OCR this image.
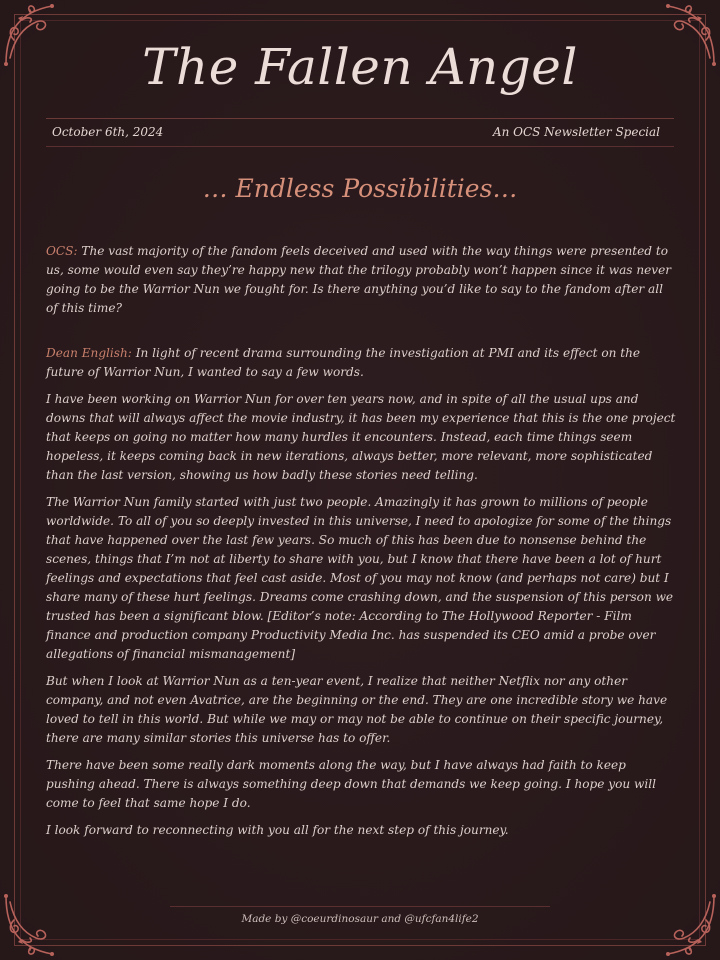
The Fallen Angel
October 6th, 2024	An OCS Newsletter Special
… Endless Possibilities…

OCS: The vast majority of the fandom feels deceived and used with the way things were presented to us, some would even say they’re happy new that the trilogy probably won’t happen since it was never going to be the Warrior Nun we fought for. Is there anything you’d like to say to the fandom after all of this time?

Dean English: In light of recent drama surrounding the investigation at PMI and its effect on the future of Warrior Nun, I wanted to say a few words.

I have been working on Warrior Nun for over ten years now, and in spite of all the usual ups and downs that will always affect the movie industry, it has been my experience that this is the one project that keeps on going no matter how many hurdles it encounters. Instead, each time things seem hopeless, it keeps coming back in new iterations, always better, more relevant, more sophisticated than the last version, showing us how badly these stories need telling.

The Warrior Nun family started with just two people. Amazingly it has grown to millions of people worldwide. To all of you so deeply invested in this universe, I need to apologize for some of the things that have happened over the last few years. So much of this has been due to nonsense behind the scenes, things that I’m not at liberty to share with you, but I know that there have been a lot of hurt feelings and expectations that feel cast aside. Most of you may not know (and perhaps not care) but I share many of these hurt feelings. Dreams come crashing down, and the suspension of this person we trusted has been a significant blow. [Editor’s note: According to The Hollywood Reporter - Film finance and production company Productivity Media Inc. has suspended its CEO amid a probe over allegations of financial mismanagement]

But when I look at Warrior Nun as a ten-year event, I realize that neither Netflix nor any other company, and not even Avatrice, are the beginning or the end. They are one incredible story we have loved to tell in this world. But while we may or may not be able to continue on their specific journey, there are many similar stories this universe has to offer.

There have been some really dark moments along the way, but I have always had faith to keep pushing ahead. There is always something deep down that demands we keep going. I hope you will come to feel that same hope I do.

I look forward to reconnecting with you all for the next step of this journey.

Made by @coeurdinosaur and @ufcfan4life2
